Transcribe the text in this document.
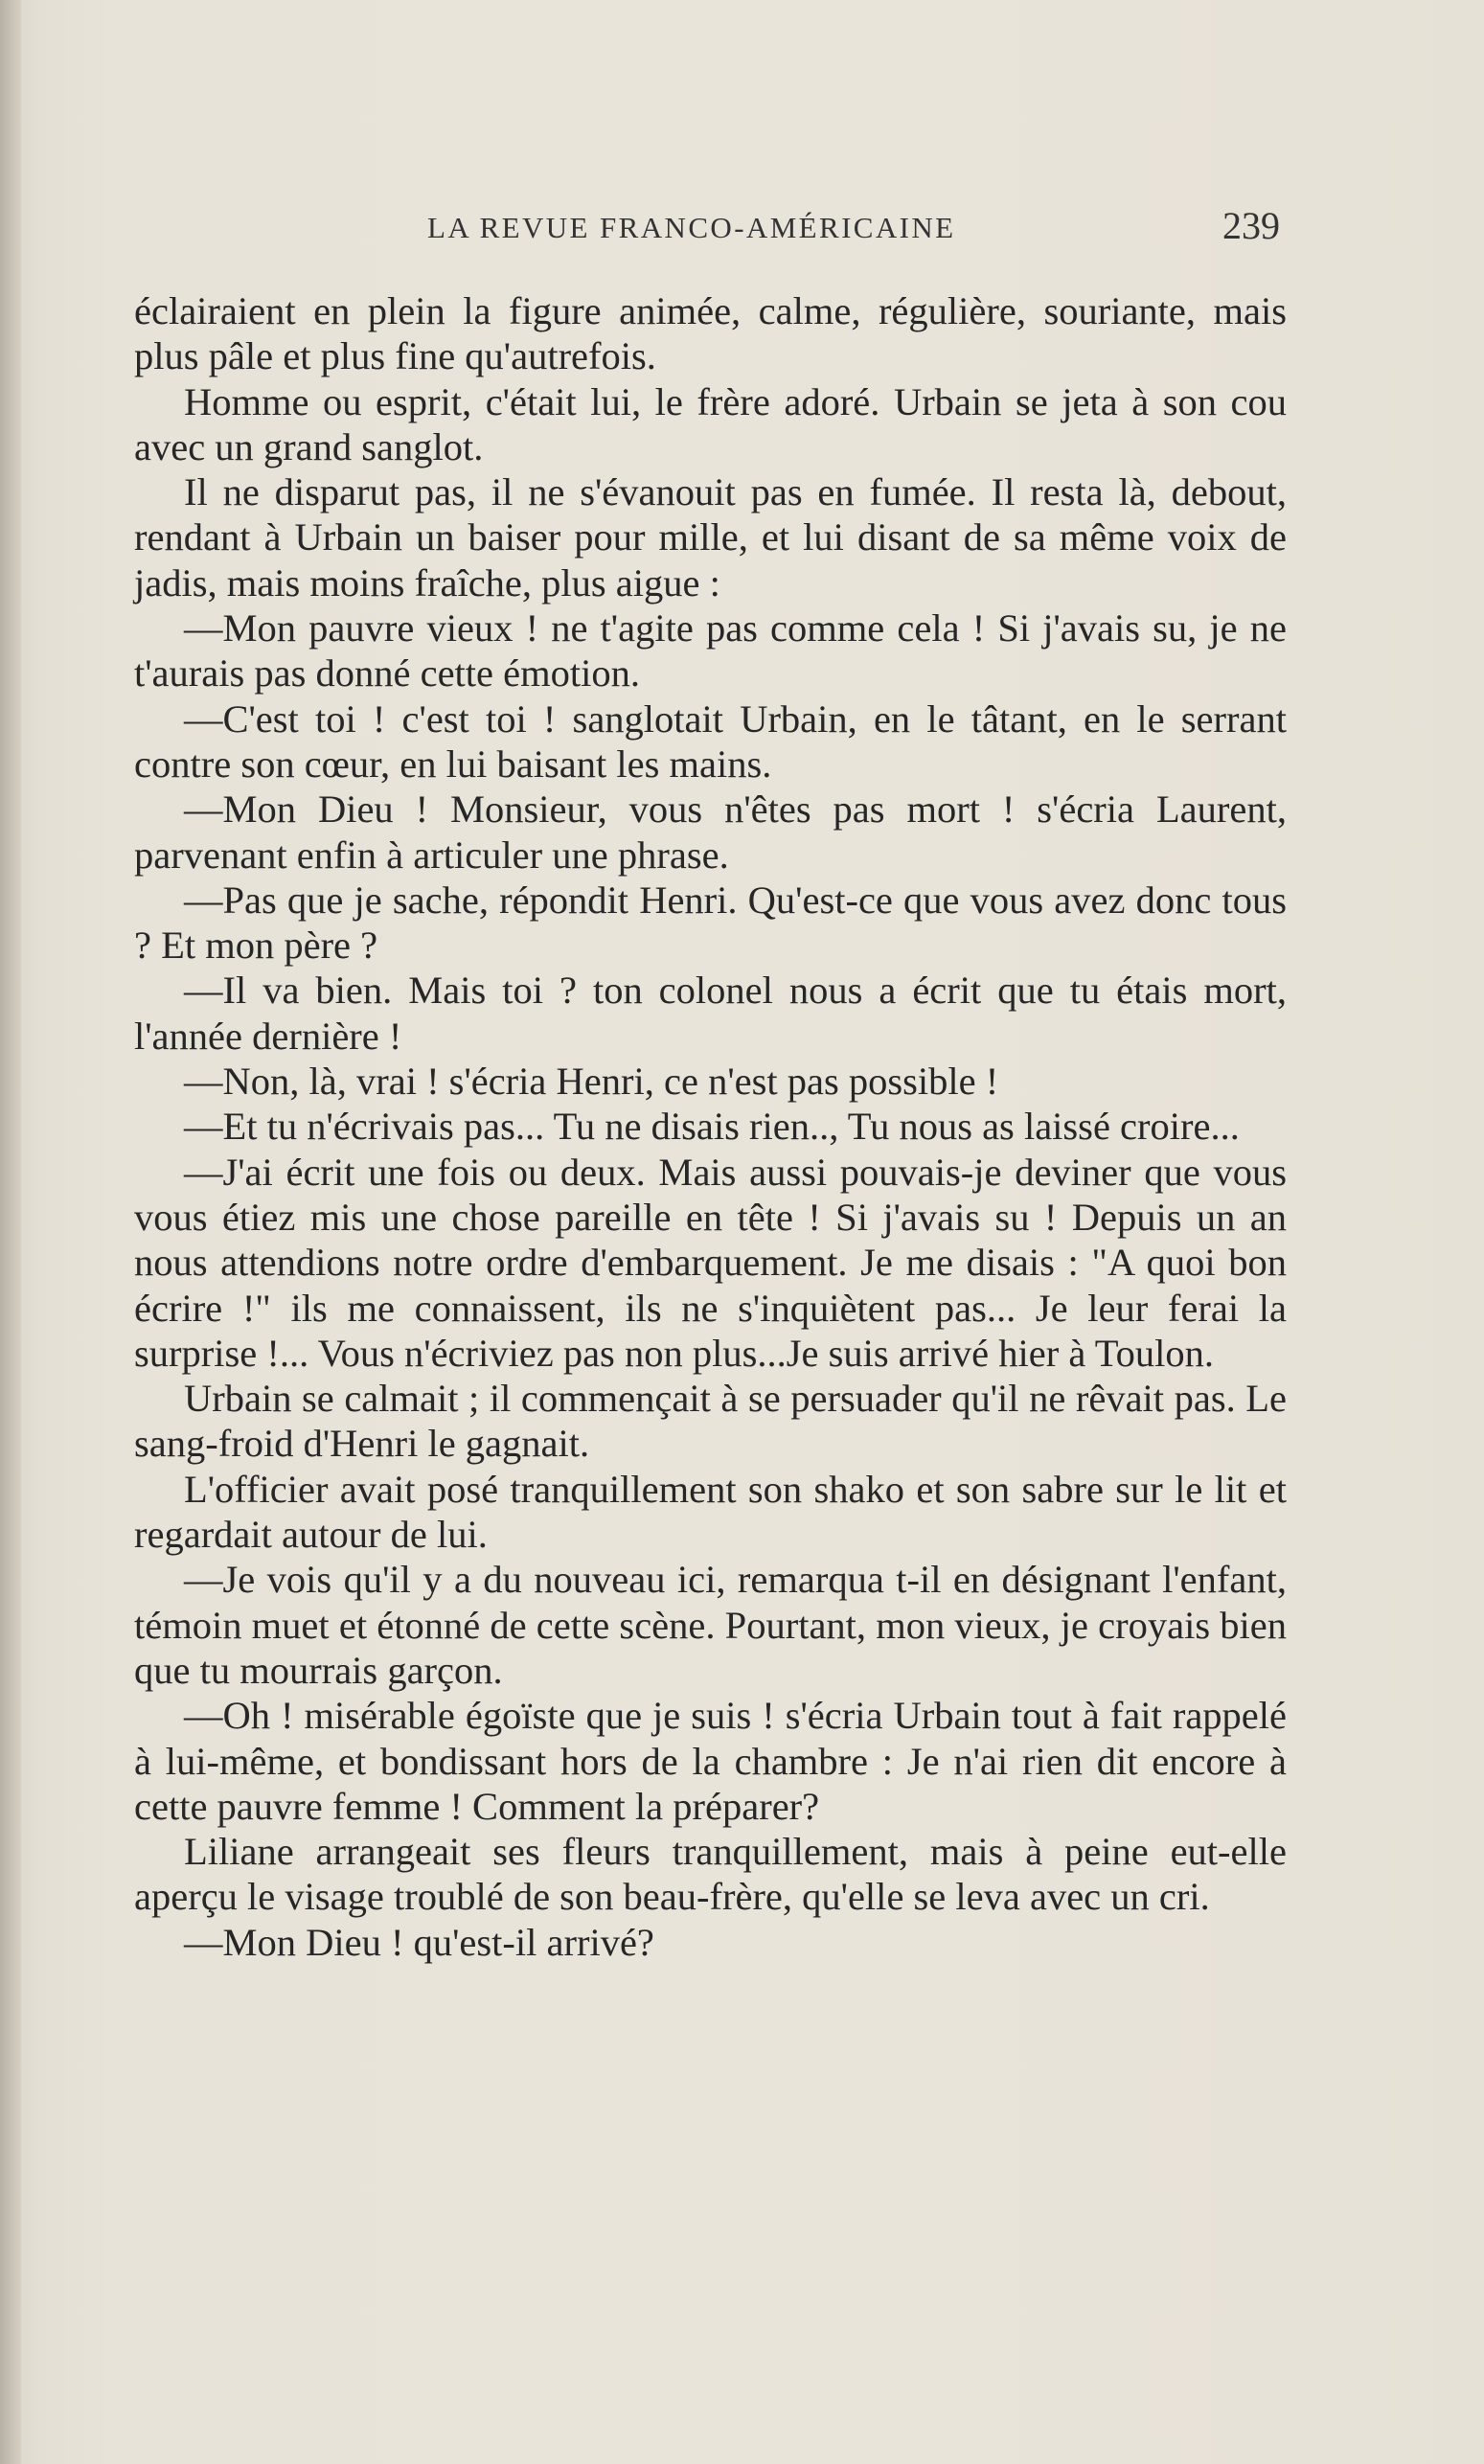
LA REVUE FRANCO-AMÉRICAINE	239

éclairaient en plein la figure animée, calme, régulière, souriante, mais plus pâle et plus fine qu'autrefois.

Homme ou esprit, c'était lui, le frère adoré. Urbain se jeta à son cou avec un grand sanglot.

Il ne disparut pas, il ne s'évanouit pas en fumée. Il resta là, debout, rendant à Urbain un baiser pour mille, et lui disant de sa même voix de jadis, mais moins fraîche, plus aigue :

—Mon pauvre vieux ! ne t'agite pas comme cela ! Si j'avais su, je ne t'aurais pas donné cette émotion.

—C'est toi ! c'est toi ! sanglotait Urbain, en le tâtant, en le serrant contre son cœur, en lui baisant les mains.

—Mon Dieu ! Monsieur, vous n'êtes pas mort ! s'écria Laurent, parvenant enfin à articuler une phrase.

—Pas que je sache, répondit Henri. Qu'est-ce que vous avez donc tous ? Et mon père ?

—Il va bien. Mais toi ? ton colonel nous a écrit que tu étais mort, l'année dernière !

—Non, là, vrai ! s'écria Henri, ce n'est pas possible !

—Et tu n'écrivais pas... Tu ne disais rien.., Tu nous as laissé croire...

—J'ai écrit une fois ou deux. Mais aussi pouvais-je deviner que vous vous étiez mis une chose pareille en tête ! Si j'avais su ! Depuis un an nous attendions notre ordre d'embarquement. Je me disais : "A quoi bon écrire !" ils me connaissent, ils ne s'inquiètent pas... Je leur ferai la surprise !... Vous n'écriviez pas non plus...Je suis arrivé hier à Toulon.

Urbain se calmait ; il commençait à se persuader qu'il ne rêvait pas. Le sang-froid d'Henri le gagnait.

L'officier avait posé tranquillement son shako et son sabre sur le lit et regardait autour de lui.

—Je vois qu'il y a du nouveau ici, remarqua t-il en désignant l'enfant, témoin muet et étonné de cette scène. Pourtant, mon vieux, je croyais bien que tu mourrais garçon.

—Oh ! misérable égoïste que je suis ! s'écria Urbain tout à fait rappelé à lui-même, et bondissant hors de la chambre : Je n'ai rien dit encore à cette pauvre femme ! Comment la préparer?

Liliane arrangeait ses fleurs tranquillement, mais à peine eut-elle aperçu le visage troublé de son beau-frère, qu'elle se leva avec un cri.

—Mon Dieu ! qu'est-il arrivé?
